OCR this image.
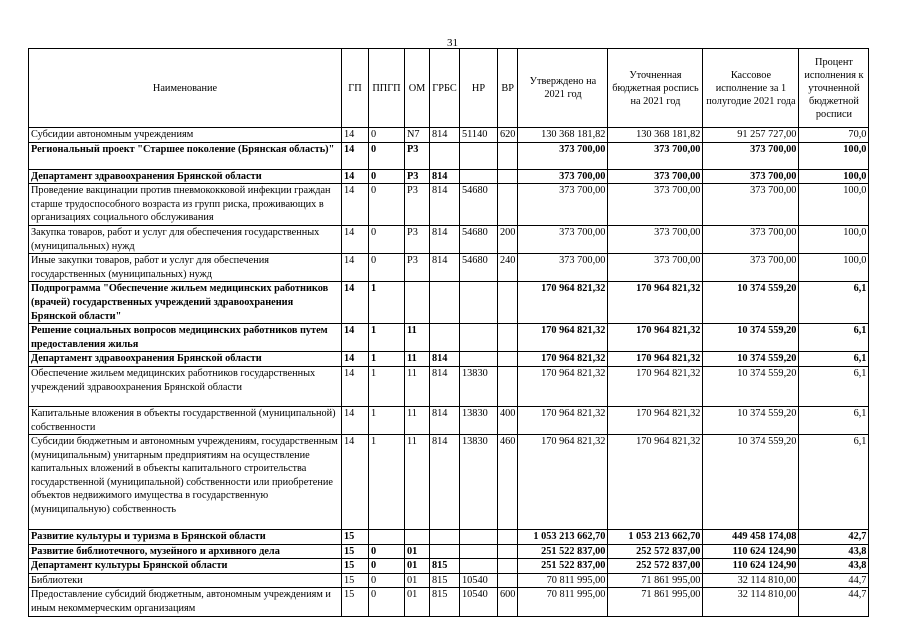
31
Наименование	ГП	ППГП	ОМ	ГРБС	НР	ВР	Утверждено на 2021 год	Уточненная бюджетная роспись на 2021 год	Кассовое исполнение за 1 полугодие 2021 года	Процент исполнения к уточненной бюджетной росписи
Субсидии автономным учреждениям	14	0	N7	814	51140	620	130 368 181,82	130 368 181,82	91 257 727,00	70,0
Региональный проект "Старшее поколение (Брянская область)"	14	0	P3				373 700,00	373 700,00	373 700,00	100,0
Департамент здравоохранения Брянской области	14	0	P3	814			373 700,00	373 700,00	373 700,00	100,0
Проведение вакцинации против пневмококковой инфекции граждан старше трудоспособного возраста из групп риска, проживающих в организациях социального обслуживания	14	0	P3	814	54680		373 700,00	373 700,00	373 700,00	100,0
Закупка товаров, работ и услуг для обеспечения государственных (муниципальных) нужд	14	0	P3	814	54680	200	373 700,00	373 700,00	373 700,00	100,0
Иные закупки товаров, работ и услуг для обеспечения государственных (муниципальных) нужд	14	0	P3	814	54680	240	373 700,00	373 700,00	373 700,00	100,0
Подпрограмма "Обеспечение жильем медицинских работников (врачей) государственных учреждений здравоохранения Брянской области"	14	1					170 964 821,32	170 964 821,32	10 374 559,20	6,1
Решение социальных вопросов медицинских работников путем предоставления жилья	14	1	11				170 964 821,32	170 964 821,32	10 374 559,20	6,1
Департамент здравоохранения Брянской области	14	1	11	814			170 964 821,32	170 964 821,32	10 374 559,20	6,1
Обеспечение жильем медицинских работников государственных учреждений здравоохранения Брянской области	14	1	11	814	13830		170 964 821,32	170 964 821,32	10 374 559,20	6,1
Капитальные вложения в объекты государственной (муниципальной) собственности	14	1	11	814	13830	400	170 964 821,32	170 964 821,32	10 374 559,20	6,1
Субсидии бюджетным и автономным учреждениям, государственным (муниципальным) унитарным предприятиям на осуществление капитальных вложений в объекты капитального строительства государственной (муниципальной) собственности или приобретение объектов недвижимого имущества в государственную (муниципальную) собственность	14	1	11	814	13830	460	170 964 821,32	170 964 821,32	10 374 559,20	6,1
Развитие культуры и туризма в Брянской области	15						1 053 213 662,70	1 053 213 662,70	449 458 174,08	42,7
Развитие библиотечного, музейного и архивного дела	15	0	01				251 522 837,00	252 572 837,00	110 624 124,90	43,8
Департамент культуры Брянской области	15	0	01	815			251 522 837,00	252 572 837,00	110 624 124,90	43,8
Библиотеки	15	0	01	815	10540		70 811 995,00	71 861 995,00	32 114 810,00	44,7
Предоставление субсидий бюджетным, автономным учреждениям и иным некоммерческим организациям	15	0	01	815	10540	600	70 811 995,00	71 861 995,00	32 114 810,00	44,7
